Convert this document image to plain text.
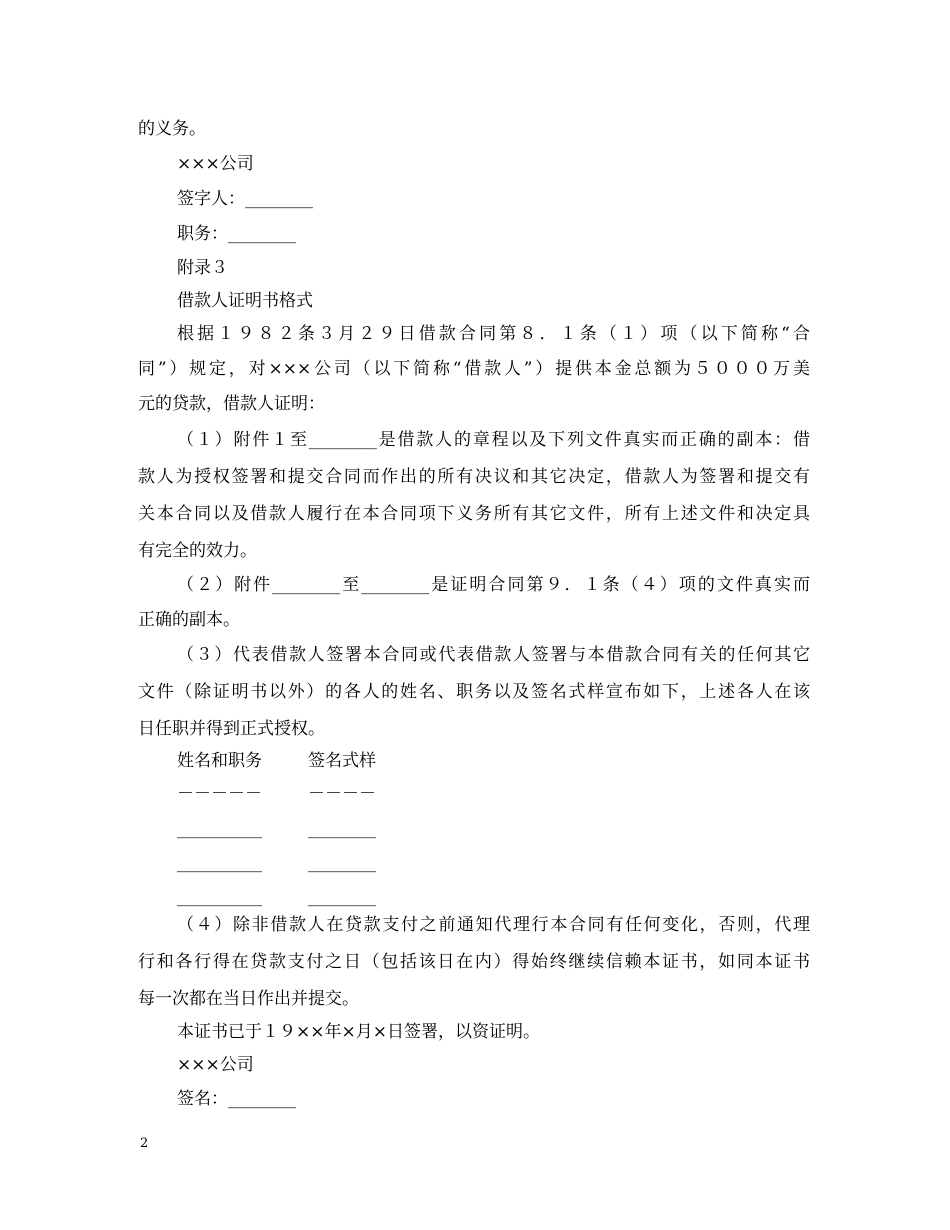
的义务。
×××公司
签字人：________
职务：________
附录３
借款人证明书格式
根据１９８２条３月２９日借款合同第８．１条（１）项（以下简称“合
同”）规定，对×××公司（以下简称“借款人”）提供本金总额为５０００万美
元的贷款，借款人证明：
（１）附件１至________是借款人的章程以及下列文件真实而正确的副本：借
款人为授权签署和提交合同而作出的所有决议和其它决定，借款人为签署和提交有
关本合同以及借款人履行在本合同项下义务所有其它文件，所有上述文件和决定具
有完全的效力。
（２）附件________至________是证明合同第９．１条（４）项的文件真实而
正确的副本。
（３）代表借款人签署本合同或代表借款人签署与本借款合同有关的任何其它
文件（除证明书以外）的各人的姓名、职务以及签名式样宣布如下，上述各人在该
日任职并得到正式授权。
姓名和职务	签名式样
－－－－－	－－－－
__________	________
__________	________
__________	________
（４）除非借款人在贷款支付之前通知代理行本合同有任何变化，否则，代理
行和各行得在贷款支付之日（包括该日在内）得始终继续信赖本证书，如同本证书
每一次都在当日作出并提交。
本证书已于１９××年×月×日签署，以资证明。
×××公司
签名：________
2
